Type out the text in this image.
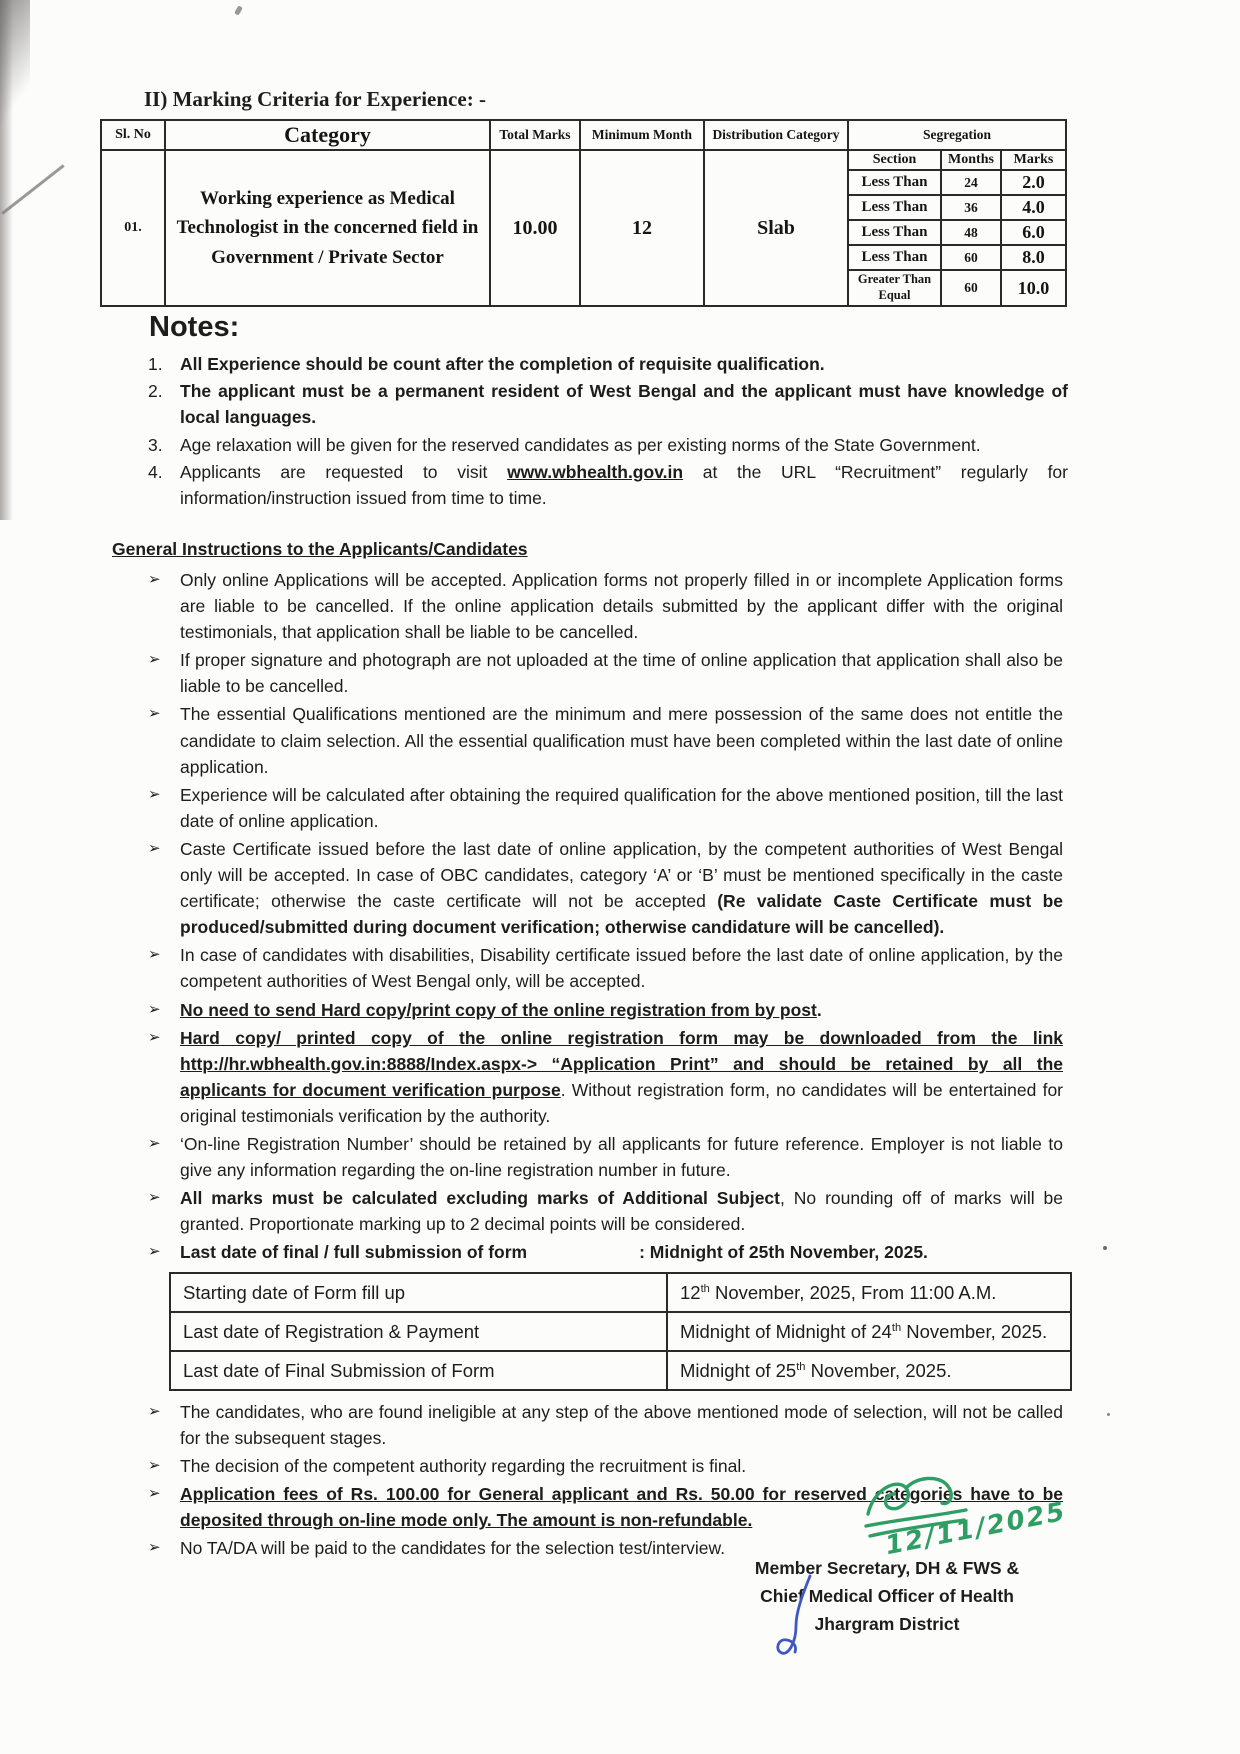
II) Marking Criteria for Experience: -
Sl. No	Category	Total Marks	Minimum Month	Distribution Category	Segregation		
01.	Working experience as Medical Technologist in the concerned field in Government / Private Sector	10.00	12	Slab	Section	Months	Marks
					Less Than	24	2.0
					Less Than	36	4.0
					Less Than	48	6.0
					Less Than	60	8.0
					Greater Than Equal	60	10.0
Notes:
1. All Experience should be count after the completion of requisite qualification.
2. The applicant must be a permanent resident of West Bengal and the applicant must have knowledge of local languages.
3. Age relaxation will be given for the reserved candidates as per existing norms of the State Government.
4. Applicants are requested to visit www.wbhealth.gov.in at the URL “Recruitment” regularly for information/instruction issued from time to time.
General Instructions to the Applicants/Candidates
➢ Only online Applications will be accepted. Application forms not properly filled in or incomplete Application forms are liable to be cancelled. If the online application details submitted by the applicant differ with the original testimonials, that application shall be liable to be cancelled.
➢ If proper signature and photograph are not uploaded at the time of online application that application shall also be liable to be cancelled.
➢ The essential Qualifications mentioned are the minimum and mere possession of the same does not entitle the candidate to claim selection. All the essential qualification must have been completed within the last date of online application.
➢ Experience will be calculated after obtaining the required qualification for the above mentioned position, till the last date of online application.
➢ Caste Certificate issued before the last date of online application, by the competent authorities of West Bengal only will be accepted. In case of OBC candidates, category ‘A’ or ‘B’ must be mentioned specifically in the caste certificate; otherwise the caste certificate will not be accepted (Re validate Caste Certificate must be produced/submitted during document verification; otherwise candidature will be cancelled).
➢ In case of candidates with disabilities, Disability certificate issued before the last date of online application, by the competent authorities of West Bengal only, will be accepted.
➢ No need to send Hard copy/print copy of the online registration from by post.
➢ Hard copy/ printed copy of the online registration form may be downloaded from the link http://hr.wbhealth.gov.in:8888/Index.aspx-> “Application Print” and should be retained by all the applicants for document verification purpose. Without registration form, no candidates will be entertained for original testimonials verification by the authority.
➢ ‘On-line Registration Number’ should be retained by all applicants for future reference. Employer is not liable to give any information regarding the on-line registration number in future.
➢ All marks must be calculated excluding marks of Additional Subject, No rounding off of marks will be granted. Proportionate marking up to 2 decimal points will be considered.
➢ Last date of final / full submission of form	: Midnight of 25th November, 2025.
Starting date of Form fill up	12th November, 2025, From 11:00 A.M.
Last date of Registration & Payment	Midnight of Midnight of 24th November, 2025.
Last date of Final Submission of Form	Midnight of 25th November, 2025.
➢ The candidates, who are found ineligible at any step of the above mentioned mode of selection, will not be called for the subsequent stages.
➢ The decision of the competent authority regarding the recruitment is final.
➢ Application fees of Rs. 100.00 for General applicant and Rs. 50.00 for reserved categories have to be deposited through on-line mode only. The amount is non-refundable.
➢ No TA/DA will be paid to the candidates for the selection test/interview.	12/11/2025
Member Secretary, DH & FWS &
Chief Medical Officer of Health
Jhargram District
